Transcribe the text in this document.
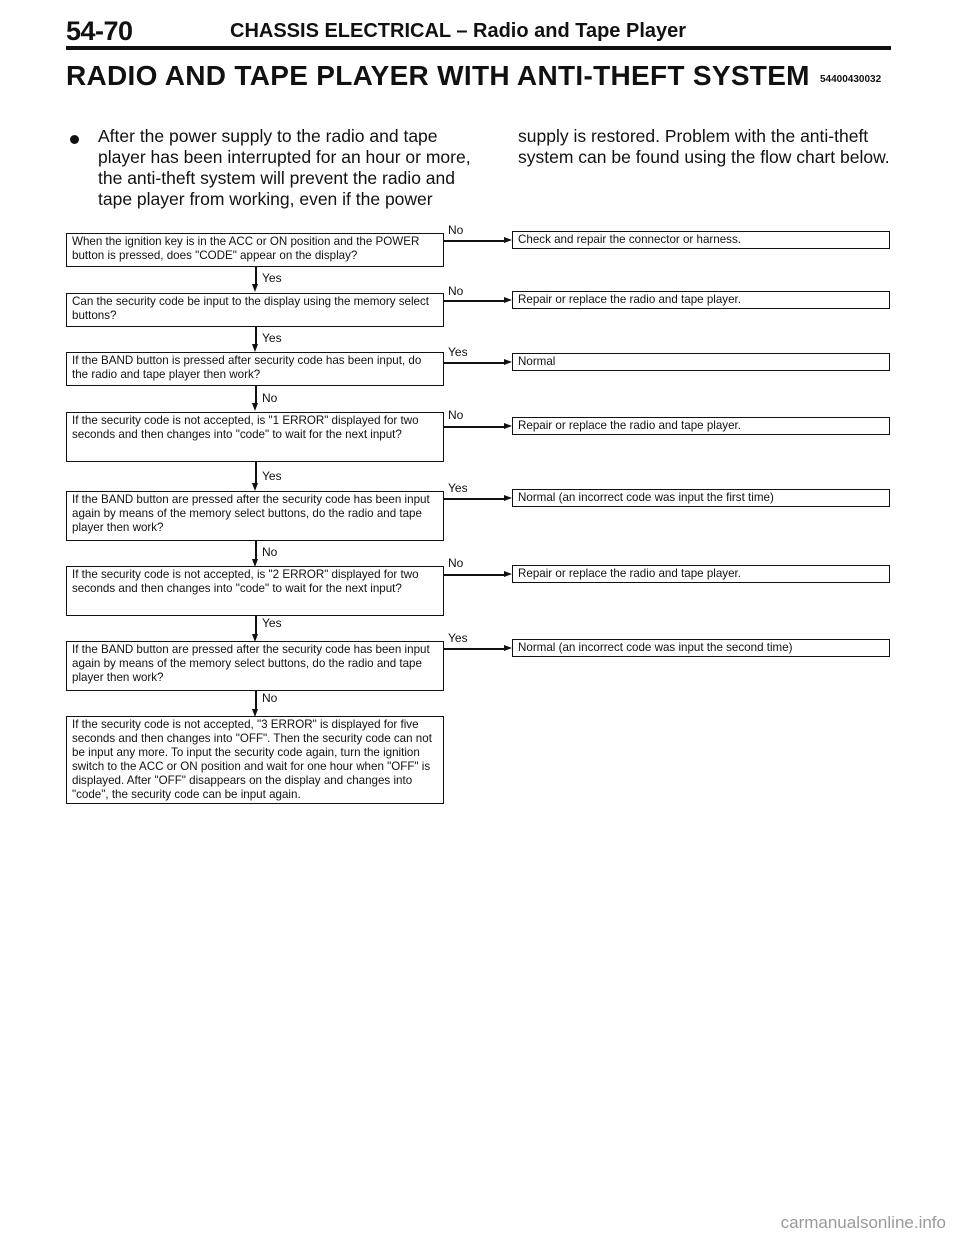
54-70	CHASSIS ELECTRICAL – Radio and Tape Player
RADIO AND TAPE PLAYER WITH ANTI-THEFT SYSTEM 54400430032
After the power supply to the radio and tape player has been interrupted for an hour or more, the anti-theft system will prevent the radio and tape player from working, even if the power
supply is restored. Problem with the anti-theft system can be found using the flow chart below.
When the ignition key is in the ACC or ON position and the POWER button is pressed, does "CODE" appear on the display?
No
Check and repair the connector or harness.
Yes
Can the security code be input to the display using the memory select buttons?
No
Repair or replace the radio and tape player.
Yes
If the BAND button is pressed after security code has been input, do the radio and tape player then work?
Yes
Normal
No
If the security code is not accepted, is "1 ERROR" displayed for two seconds and then changes into "code" to wait for the next input?
No
Repair or replace the radio and tape player.
Yes
If the BAND button are pressed after the security code has been input again by means of the memory select buttons, do the radio and tape player then work?
Yes
Normal (an incorrect code was input the first time)
No
If the security code is not accepted, is "2 ERROR" displayed for two seconds and then changes into "code" to wait for the next input?
No
Repair or replace the radio and tape player.
Yes
If the BAND button are pressed after the security code has been input again by means of the memory select buttons, do the radio and tape player then work?
Yes
Normal (an incorrect code was input the second time)
No
If the security code is not accepted, "3 ERROR" is displayed for five seconds and then changes into "OFF". Then the security code can not be input any more. To input the security code again, turn the ignition switch to the ACC or ON position and wait for one hour when "OFF" is displayed. After "OFF" disappears on the display and changes into "code", the security code can be input again.
carmanualsonline.info
